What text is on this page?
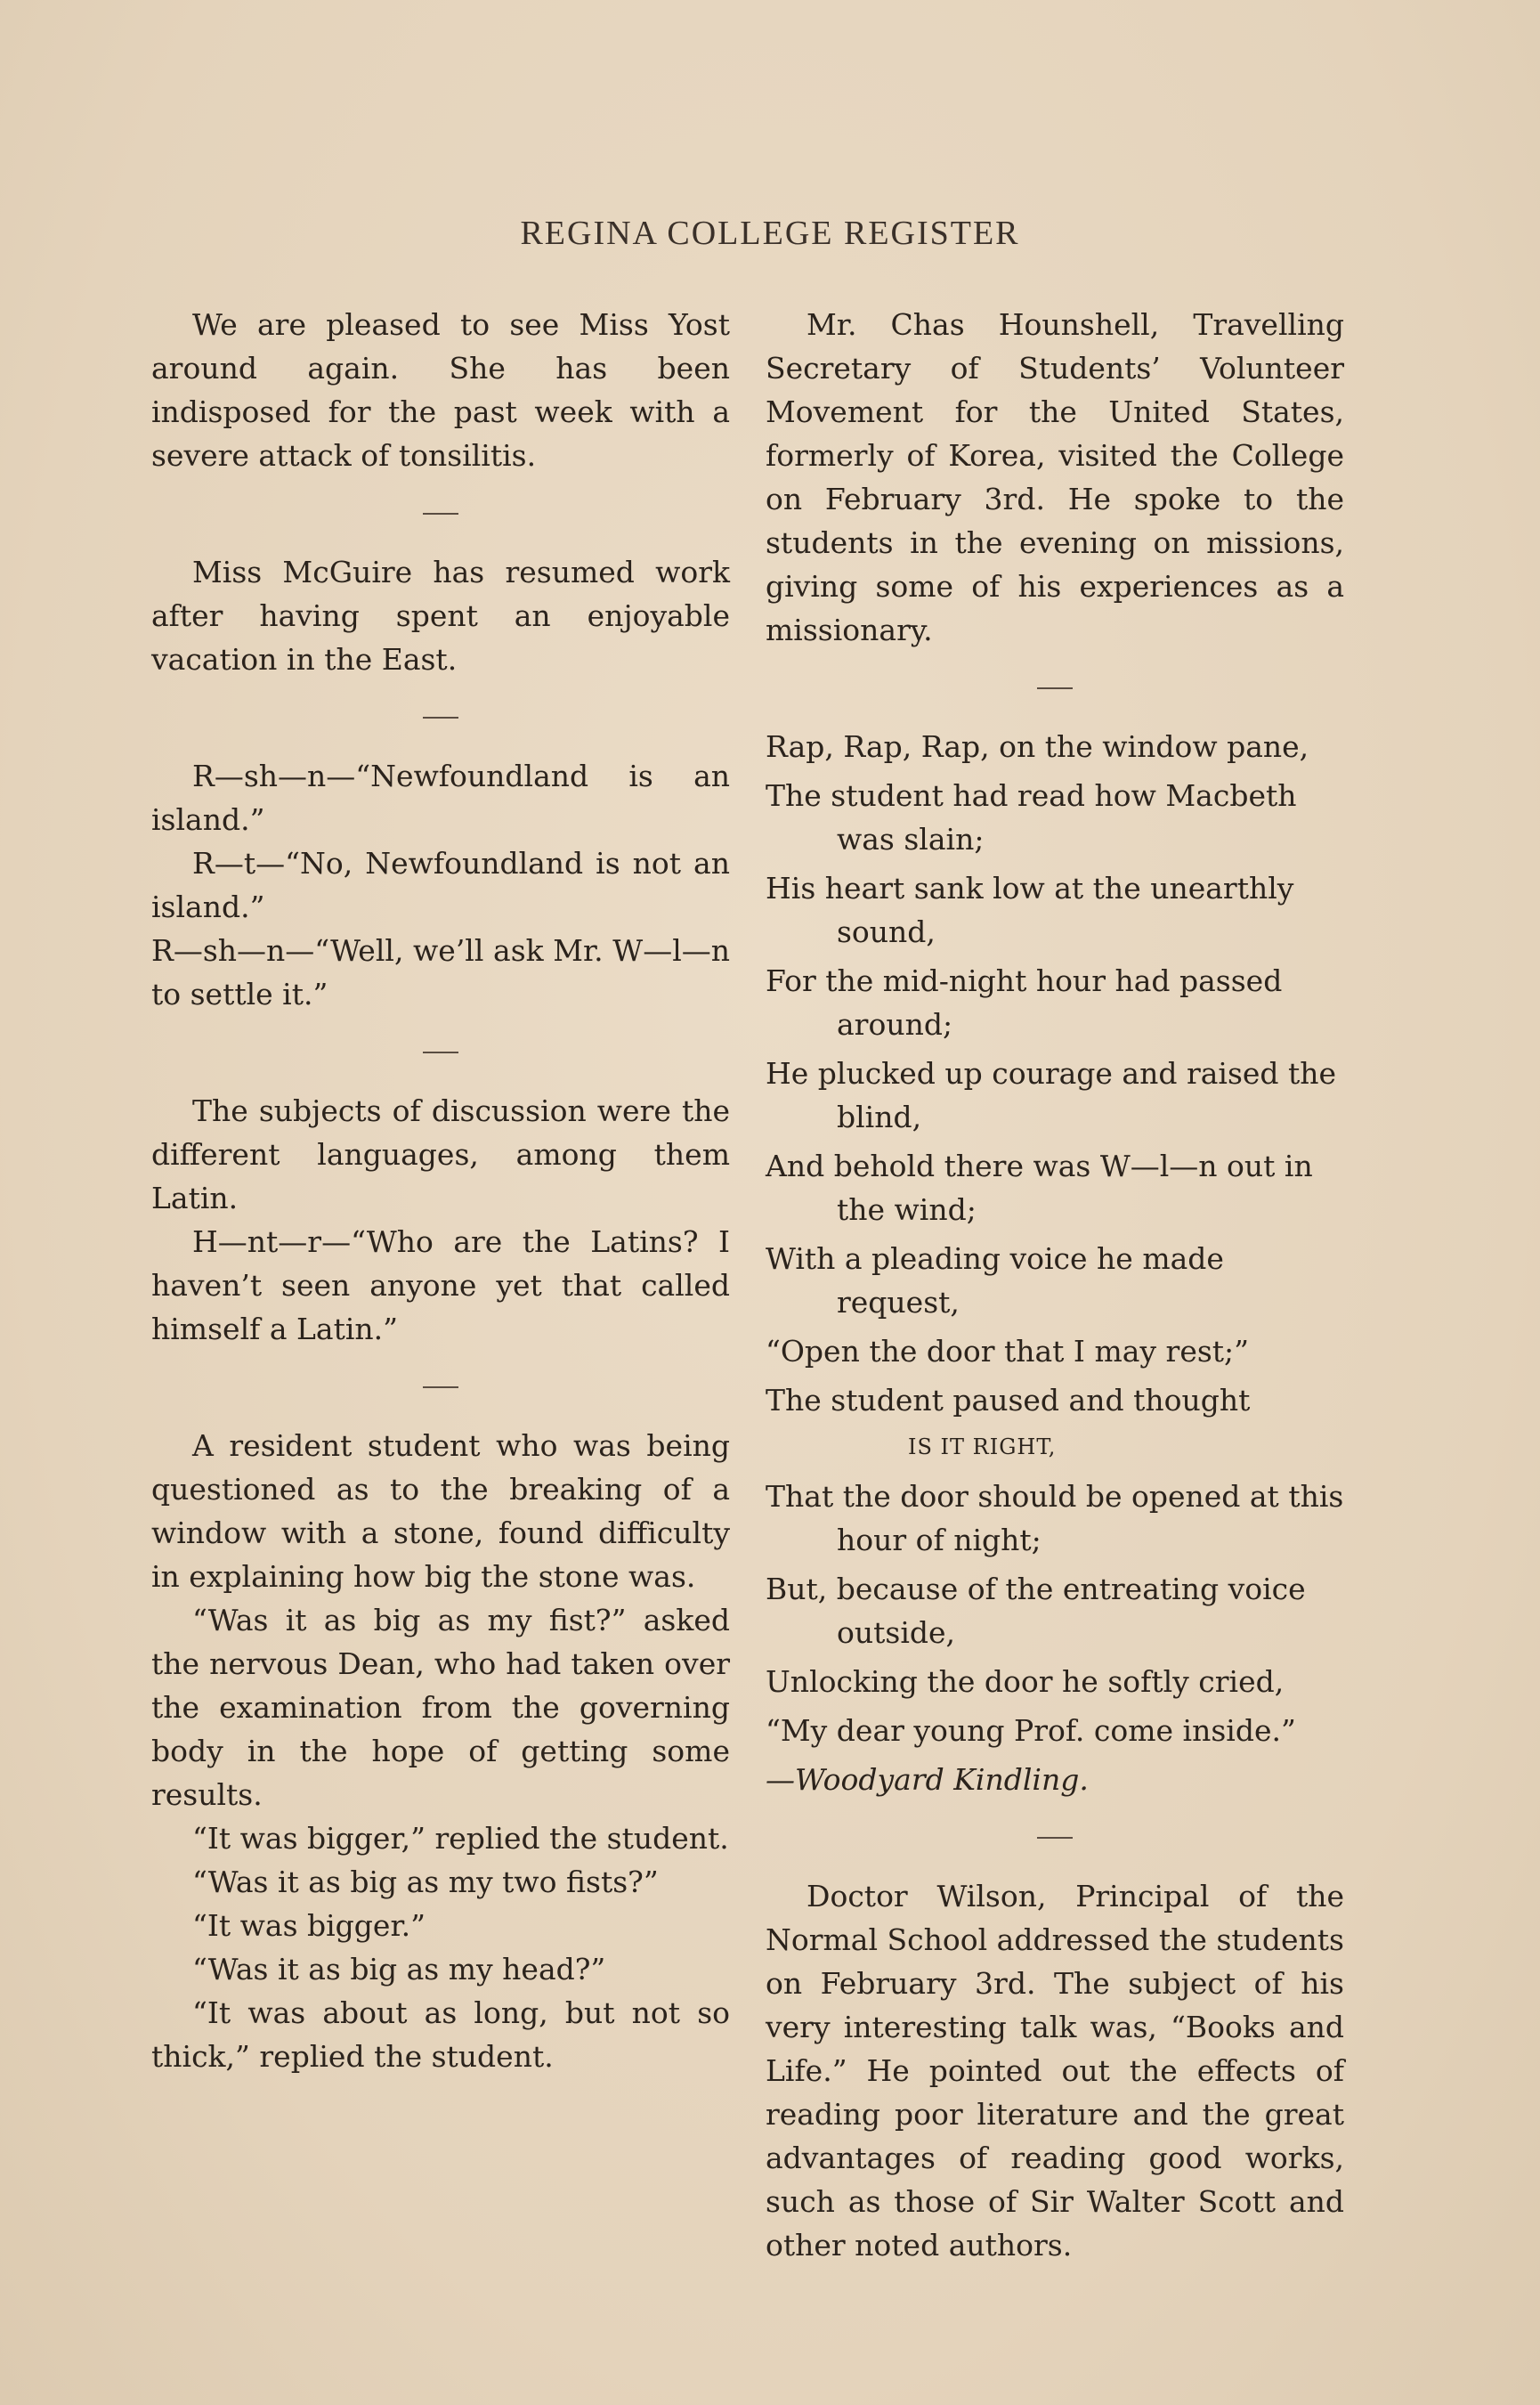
REGINA COLLEGE REGISTER

We are pleased to see Miss Yost around again. She has been indisposed for the past week with a severe attack of tonsilitis.

Miss McGuire has resumed work after having spent an enjoyable vacation in the East.

R—sh—n—“Newfoundland is an island.”

R—t—“No, Newfoundland is not an island.”

R—sh—n—“Well, we’ll ask Mr. W—l—n to settle it.”

The subjects of discussion were the different languages, among them Latin.

H—nt—r—“Who are the Latins? I haven’t seen anyone yet that called himself a Latin.”

A resident student who was being questioned as to the breaking of a window with a stone, found difficulty in explaining how big the stone was.

“Was it as big as my fist?” asked the nervous Dean, who had taken over the examination from the governing body in the hope of getting some results.

“It was bigger,” replied the student.

“Was it as big as my two fists?”

“It was bigger.”

“Was it as big as my head?”

“It was about as long, but not so thick,” replied the student.

Mr. Chas Hounshell, Travelling Secretary of Students’ Volunteer Movement for the United States, formerly of Korea, visited the College on February 3rd. He spoke to the students in the evening on missions, giving some of his experiences as a missionary.

Rap, Rap, Rap, on the window pane,

The student had read how Macbeth was slain;

His heart sank low at the unearthly sound,

For the mid-night hour had passed around;

He plucked up courage and raised the blind,

And behold there was W—l—n out in the wind;

With a pleading voice he made request,

“Open the door that I may rest;”

The student paused and thought
IS IT RIGHT,

That the door should be opened at this hour of night;

But, because of the entreating voice outside,

Unlocking the door he softly cried,

“My dear young Prof. come inside.”

—Woodyard Kindling.

Doctor Wilson, Principal of the Normal School addressed the students on February 3rd. The subject of his very interesting talk was, “Books and Life.” He pointed out the effects of reading poor literature and the great advantages of reading good works, such as those of Sir Walter Scott and other noted authors.
